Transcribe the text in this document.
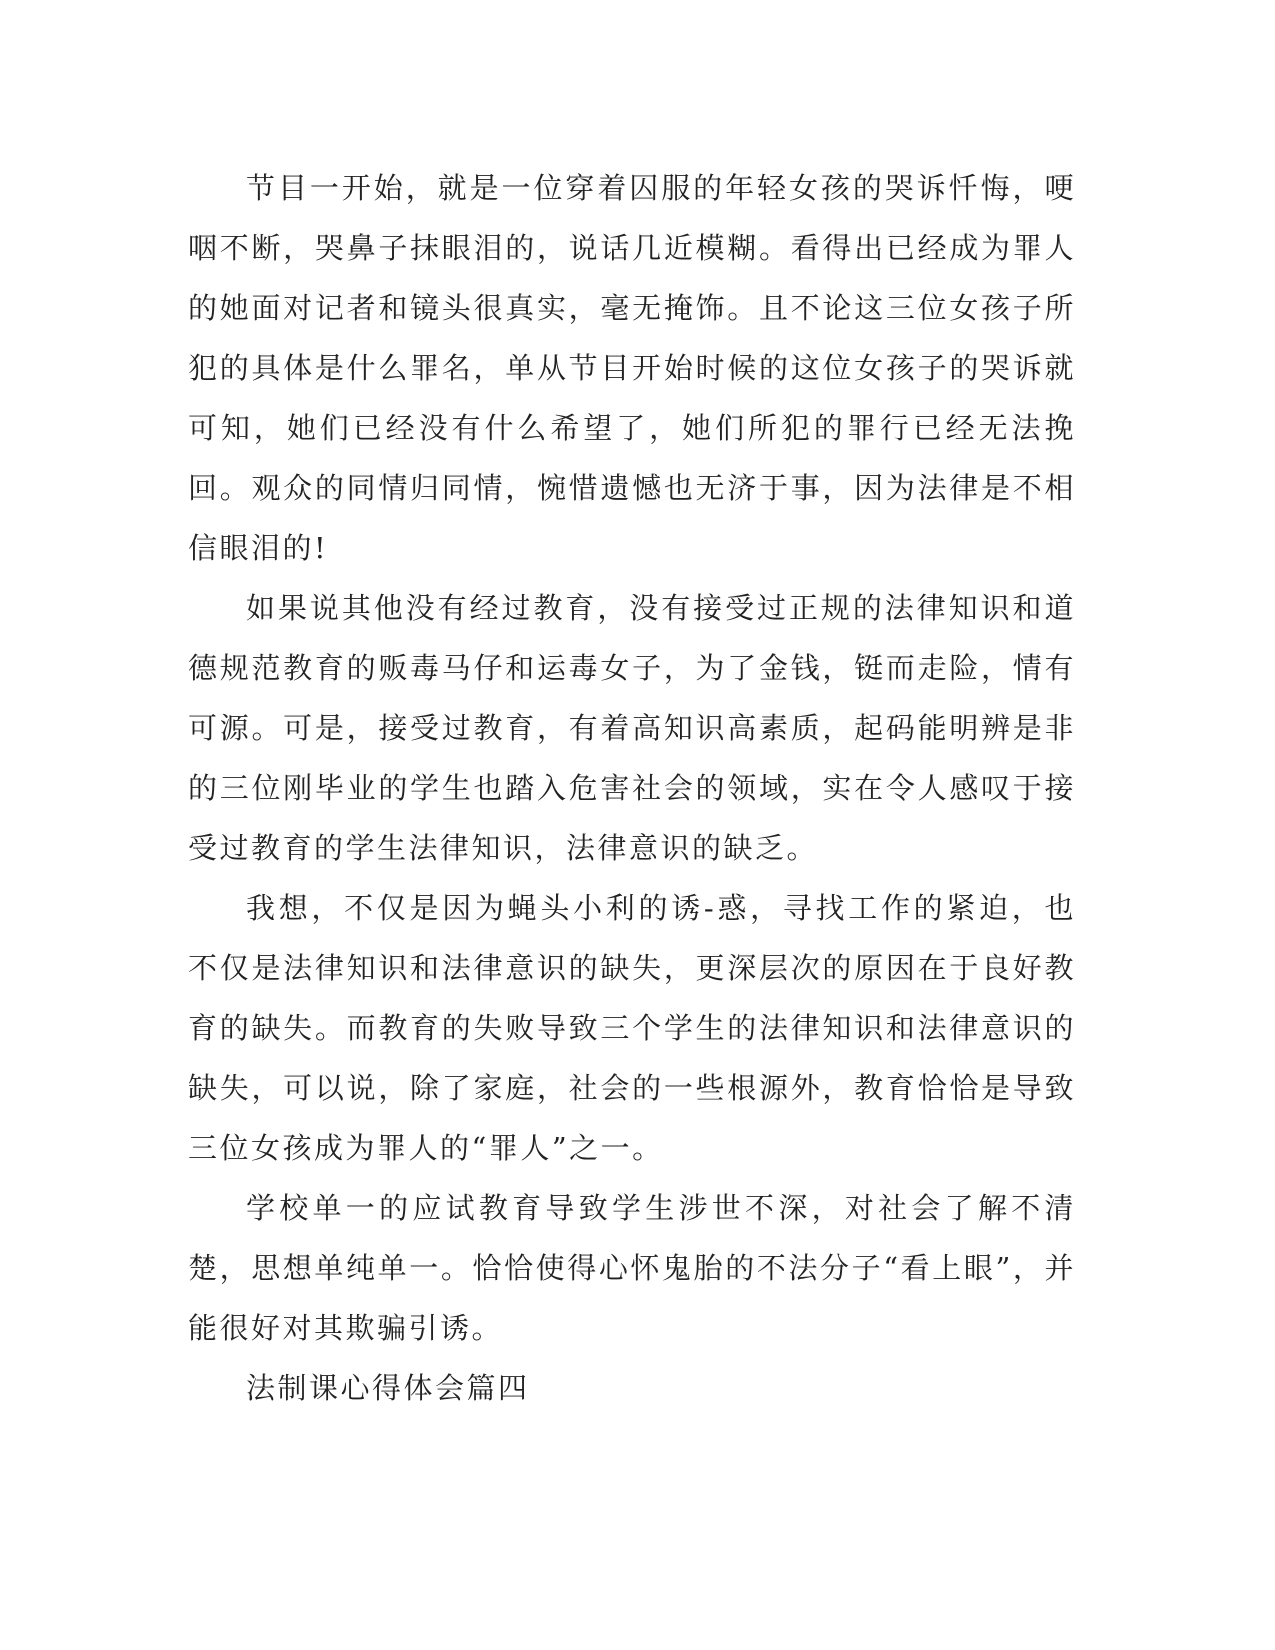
节目一开始，就是一位穿着囚服的年轻女孩的哭诉忏悔，哽咽不断，哭鼻子抹眼泪的，说话几近模糊。看得出已经成为罪人的她面对记者和镜头很真实，毫无掩饰。且不论这三位女孩子所犯的具体是什么罪名，单从节目开始时候的这位女孩子的哭诉就可知，她们已经没有什么希望了，她们所犯的罪行已经无法挽回。观众的同情归同情，惋惜遗憾也无济于事，因为法律是不相信眼泪的!

如果说其他没有经过教育，没有接受过正规的法律知识和道德规范教育的贩毒马仔和运毒女子，为了金钱，铤而走险，情有可源。可是，接受过教育，有着高知识高素质，起码能明辨是非的三位刚毕业的学生也踏入危害社会的领域，实在令人感叹于接受过教育的学生法律知识，法律意识的缺乏。

我想，不仅是因为蝇头小利的诱-惑，寻找工作的紧迫，也不仅是法律知识和法律意识的缺失，更深层次的原因在于良好教育的缺失。而教育的失败导致三个学生的法律知识和法律意识的缺失，可以说，除了家庭，社会的一些根源外，教育恰恰是导致三位女孩成为罪人的“罪人”之一。

学校单一的应试教育导致学生涉世不深，对社会了解不清楚，思想单纯单一。恰恰使得心怀鬼胎的不法分子“看上眼”，并能很好对其欺骗引诱。

法制课心得体会篇四
